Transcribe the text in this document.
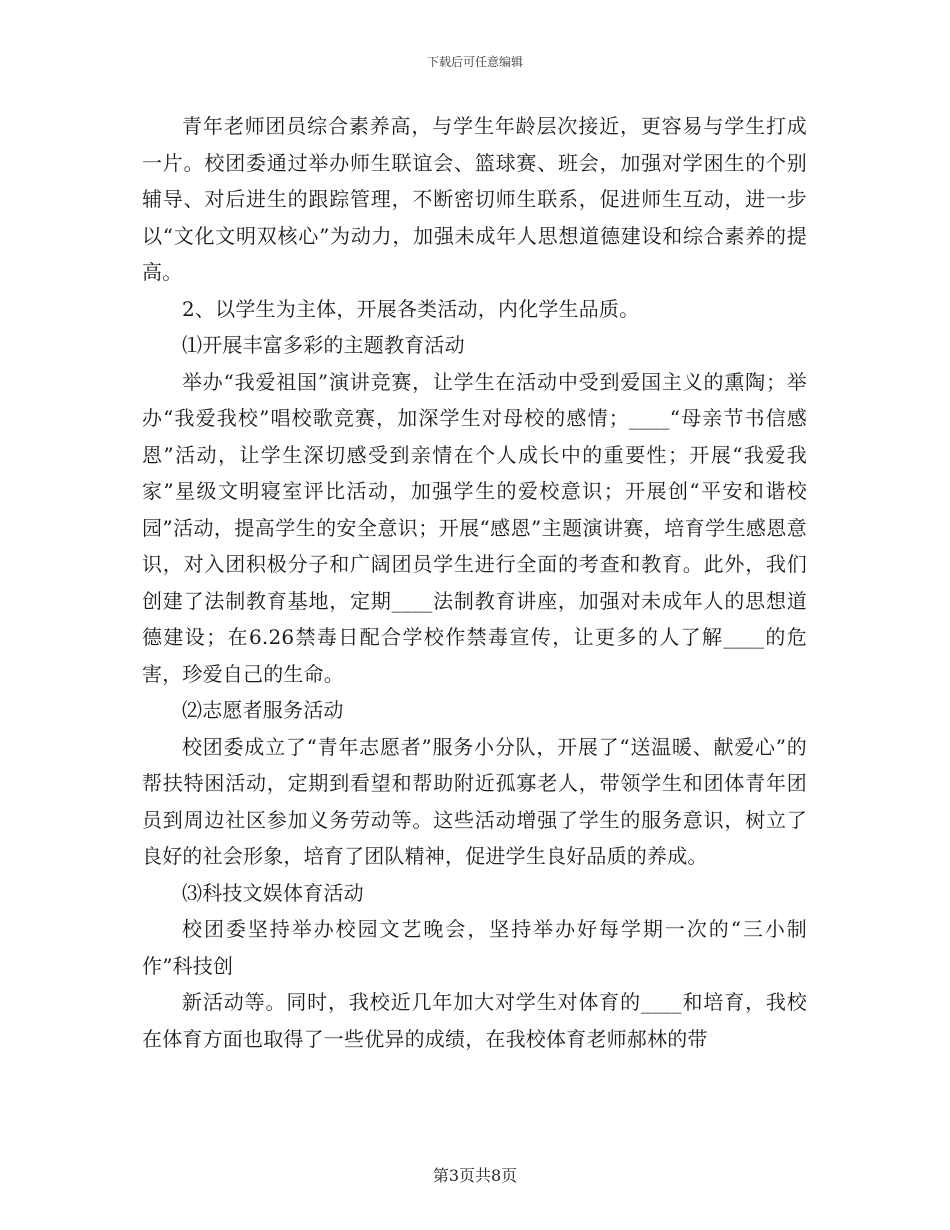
下载后可任意编辑

青年老师团员综合素养高，与学生年龄层次接近，更容易与学生打成一片。校团委通过举办师生联谊会、篮球赛、班会，加强对学困生的个别辅导、对后进生的跟踪管理，不断密切师生联系，促进师生互动，进一步以“文化文明双核心”为动力，加强未成年人思想道德建设和综合素养的提高。

2、以学生为主体，开展各类活动，内化学生品质。

⑴开展丰富多彩的主题教育活动

举办“我爱祖国”演讲竞赛，让学生在活动中受到爱国主义的熏陶；举办“我爱我校”唱校歌竞赛，加深学生对母校的感情；____“母亲节书信感恩”活动，让学生深切感受到亲情在个人成长中的重要性；开展“我爱我家”星级文明寝室评比活动，加强学生的爱校意识；开展创“平安和谐校园”活动，提高学生的安全意识；开展“感恩”主题演讲赛，培育学生感恩意识，对入团积极分子和广阔团员学生进行全面的考查和教育。此外，我们创建了法制教育基地，定期____法制教育讲座，加强对未成年人的思想道德建设；在6.26禁毒日配合学校作禁毒宣传，让更多的人了解____的危害，珍爱自己的生命。

⑵志愿者服务活动

校团委成立了“青年志愿者”服务小分队，开展了“送温暖、献爱心”的帮扶特困活动，定期到看望和帮助附近孤寡老人，带领学生和团体青年团员到周边社区参加义务劳动等。这些活动增强了学生的服务意识，树立了良好的社会形象，培育了团队精神，促进学生良好品质的养成。

⑶科技文娱体育活动

校团委坚持举办校园文艺晚会，坚持举办好每学期一次的“三小制作”科技创

新活动等。同时，我校近几年加大对学生对体育的____和培育，我校在体育方面也取得了一些优异的成绩，在我校体育老师郝林的带

第3页共8页
